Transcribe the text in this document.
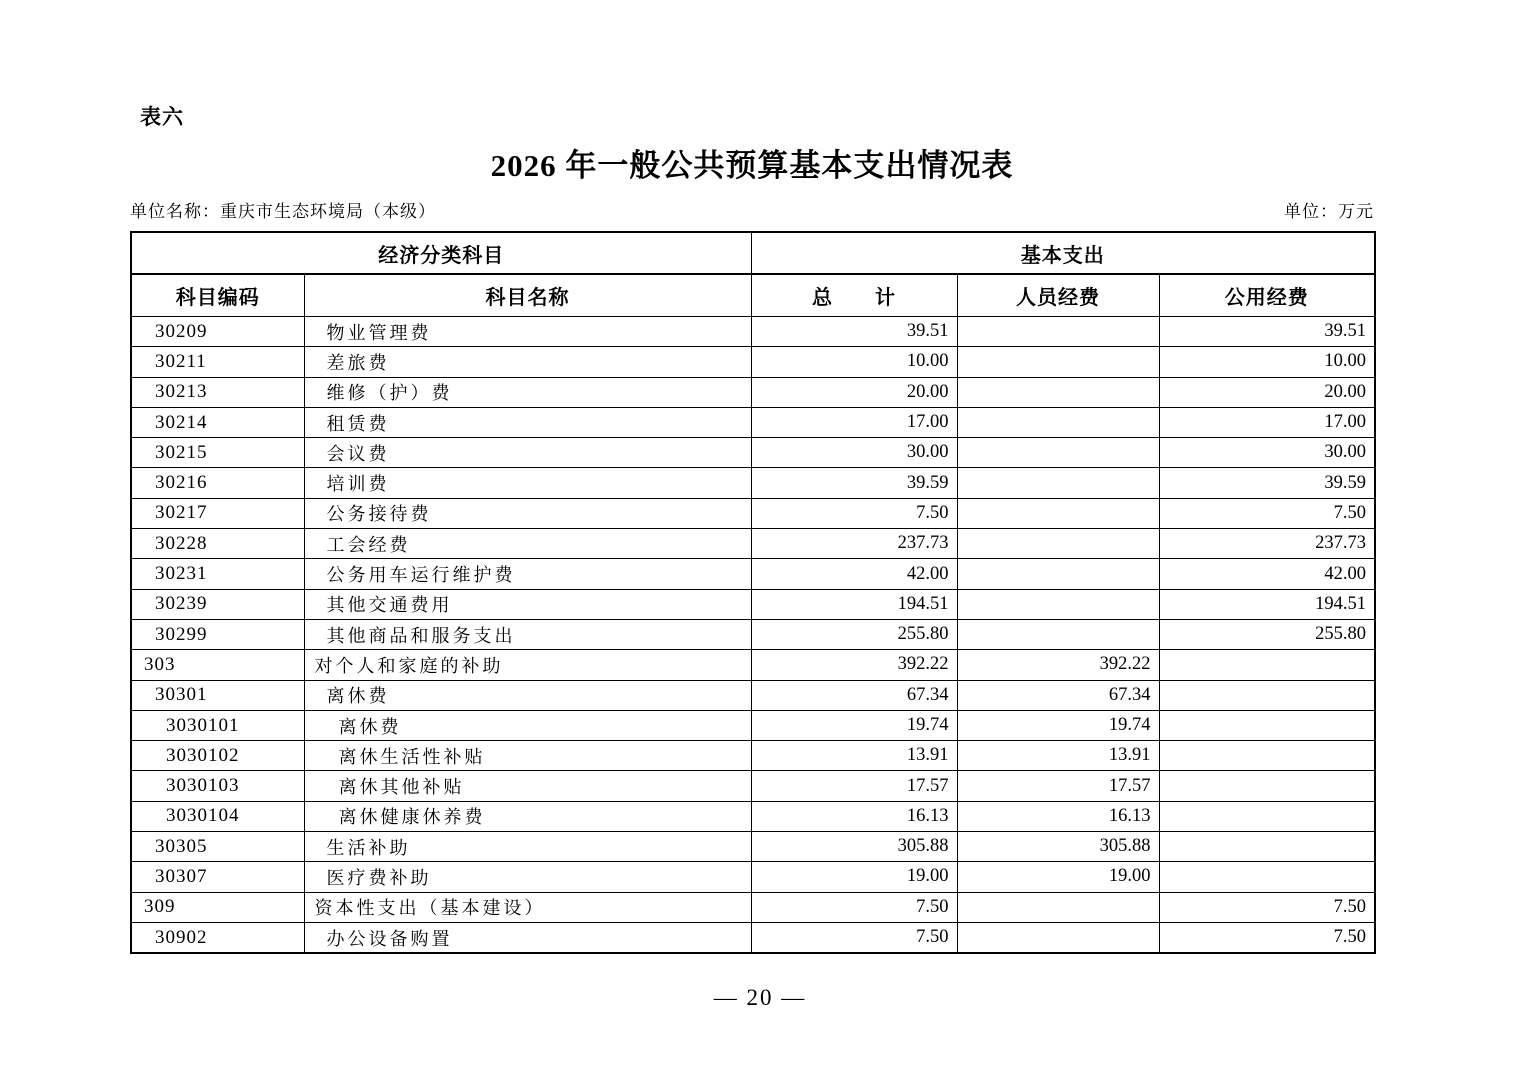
表六
2026 年一般公共预算基本支出情况表
单位名称：重庆市生态环境局（本级）	单位：万元
经济分类科目		基本支出		
科目编码	科目名称	总　　计	人员经费	公用经费
30209	物业管理费	39.51		39.51
30211	差旅费	10.00		10.00
30213	维修（护）费	20.00		20.00
30214	租赁费	17.00		17.00
30215	会议费	30.00		30.00
30216	培训费	39.59		39.59
30217	公务接待费	7.50		7.50
30228	工会经费	237.73		237.73
30231	公务用车运行维护费	42.00		42.00
30239	其他交通费用	194.51		194.51
30299	其他商品和服务支出	255.80		255.80
303	对个人和家庭的补助	392.22	392.22	
30301	离休费	67.34	67.34	
3030101	离休费	19.74	19.74	
3030102	离休生活性补贴	13.91	13.91	
3030103	离休其他补贴	17.57	17.57	
3030104	离休健康休养费	16.13	16.13	
30305	生活补助	305.88	305.88	
30307	医疗费补助	19.00	19.00	
309	资本性支出（基本建设）	7.50		7.50
30902	办公设备购置	7.50		7.50
— 20 —
